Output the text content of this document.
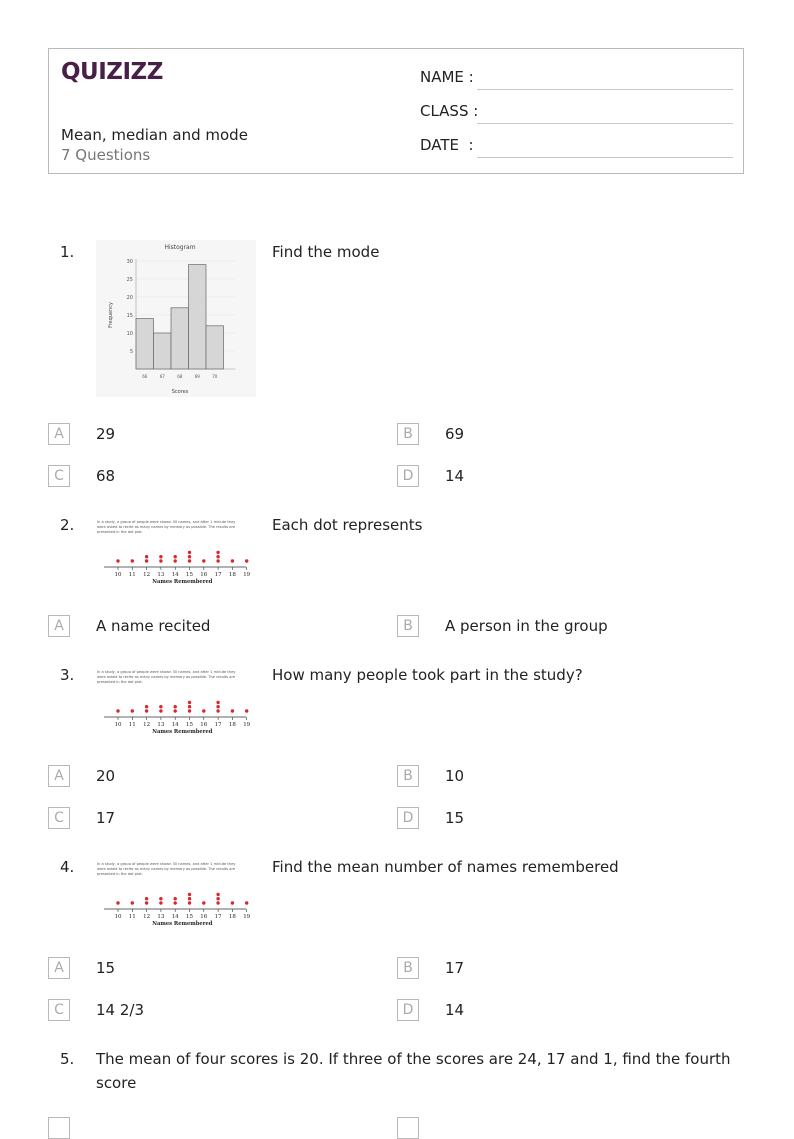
QUIZIZZ
Mean, median and mode
7 Questions
NAME :
CLASS :
DATE  :
1.	Histogram
Scores
Frequency
5
10
15
20
25
30
66	67	68	69	70
Find the mode
A	29	B	69
C	68	D	14
2.	In a study, a group of people were shown 30 names, and after 1 minute they
were asked to recite as many names by memory as possible. The results are
presented in the dot plot.
10 11 12 13 14 15 16 17 18 19
Names Remembered
Each dot represents
A	A name recited	B	A person in the group
3.	In a study, a group of people were shown 30 names, and after 1 minute they
were asked to recite as many names by memory as possible. The results are
presented in the dot plot.
10 11 12 13 14 15 16 17 18 19
Names Remembered
How many people took part in the study?
A	20	B	10
C	17	D	15
4.	In a study, a group of people were shown 30 names, and after 1 minute they
were asked to recite as many names by memory as possible. The results are
presented in the dot plot.
10 11 12 13 14 15 16 17 18 19
Names Remembered
Find the mean number of names remembered
A	15	B	17
C	14 2/3	D	14
5. The mean of four scores is 20. If three of the scores are 24, 17 and 1, find the fourth score
